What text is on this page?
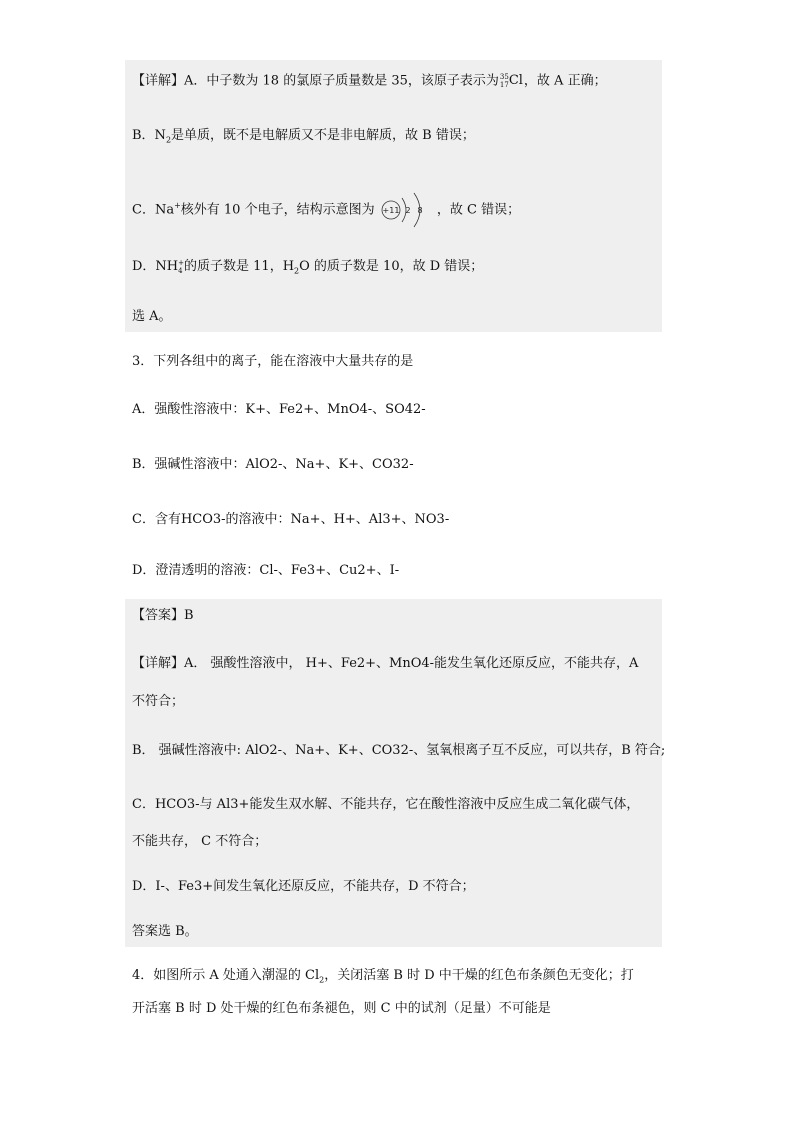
【详解】A．中子数为 18 的氯原子质量数是 35，该原子表示为35
17Cl，故 A 正确；
B．$N_2$是单质，既不是电解质又不是非电解质，故 B 错误；
C．Na+核外有 10 个电子，结构示意图为 +11 2 8 ，故 C 错误；
D．NH+
4的质子数是 11，$H_2O$ 的质子数是 10，故 D 错误；
选 A。
3．下列各组中的离子，能在溶液中大量共存的是
A．强酸性溶液中：K+、Fe2+、MnO4-、SO42-
B．强碱性溶液中：AlO2-、Na+、K+、CO32-
C．含有HCO3-的溶液中：Na+、H+、Al3+、NO3-
D．澄清透明的溶液：Cl-、Fe3+、Cu2+、I-
【答案】B
【详解】A． 强酸性溶液中， H+、Fe2+、MnO4-能发生氧化还原反应，不能共存，A
不符合；
B． 强碱性溶液中: AlO2-、Na+、K+、CO32-、氢氧根离子互不反应，可以共存，B 符合;
C．HCO3-与 Al3+能发生双水解、不能共存，它在酸性溶液中反应生成二氧化碳气体，
不能共存， C 不符合；
D．I-、Fe3+间发生氧化还原反应，不能共存，D 不符合；
答案选 B。
4．如图所示 A 处通入潮湿的 $Cl_2$，关闭活塞 B 时 D 中干燥的红色布条颜色无变化；打
开活塞 B 时 D 处干燥的红色布条褪色，则 C 中的试剂（足量）不可能是
